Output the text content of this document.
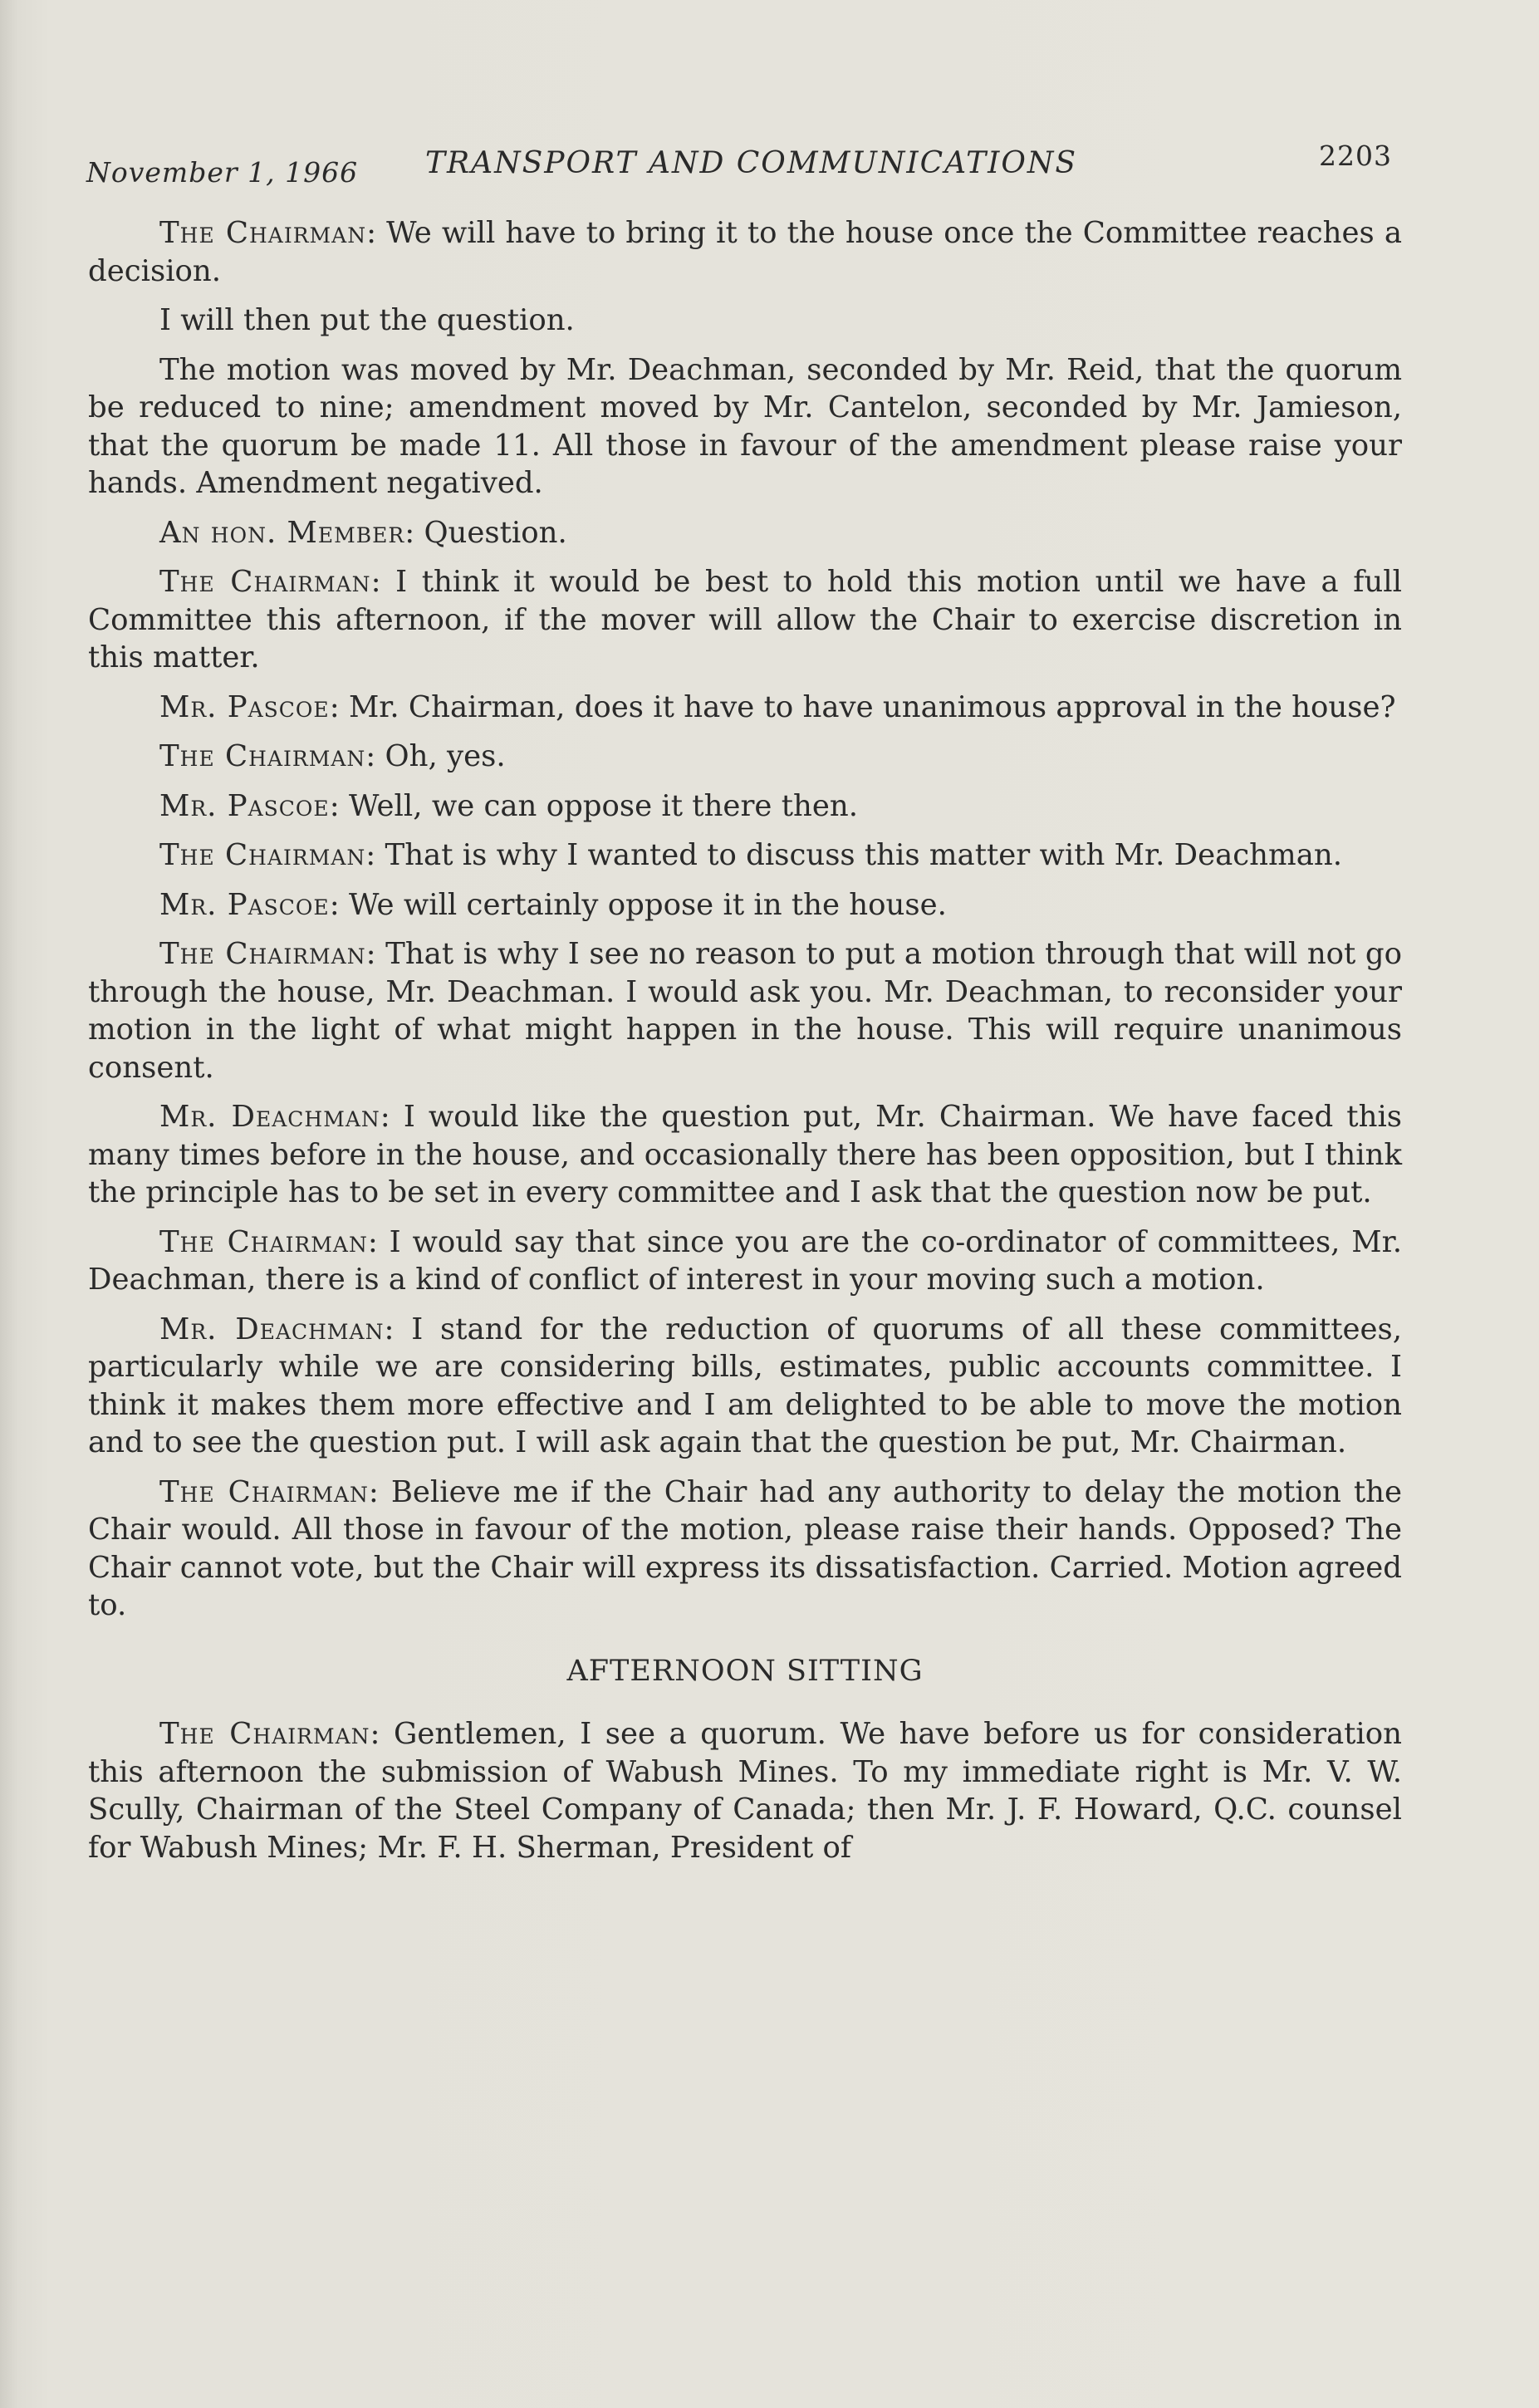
November 1, 1966 TRANSPORT AND COMMUNICATIONS	2203

The Chairman: We will have to bring it to the house once the Committee reaches a decision.

I will then put the question.

The motion was moved by Mr. Deachman, seconded by Mr. Reid, that the quorum be reduced to nine; amendment moved by Mr. Cantelon, seconded by Mr. Jamieson, that the quorum be made 11. All those in favour of the amendment please raise your hands. Amendment negatived.

An hon. Member: Question.

The Chairman: I think it would be best to hold this motion until we have a full Committee this afternoon, if the mover will allow the Chair to exercise discretion in this matter.

Mr. Pascoe: Mr. Chairman, does it have to have unanimous approval in the house?

The Chairman: Oh, yes.

Mr. Pascoe: Well, we can oppose it there then.

The Chairman: That is why I wanted to discuss this matter with Mr. Deachman.

Mr. Pascoe: We will certainly oppose it in the house.

The Chairman: That is why I see no reason to put a motion through that will not go through the house, Mr. Deachman. I would ask you. Mr. Deachman, to reconsider your motion in the light of what might happen in the house. This will require unanimous consent.

Mr. Deachman: I would like the question put, Mr. Chairman. We have faced this many times before in the house, and occasionally there has been opposition, but I think the principle has to be set in every committee and I ask that the question now be put.

The Chairman: I would say that since you are the co-ordinator of committees, Mr. Deachman, there is a kind of conflict of interest in your moving such a motion.

Mr. Deachman: I stand for the reduction of quorums of all these committees, particularly while we are considering bills, estimates, public accounts committee. I think it makes them more effective and I am delighted to be able to move the motion and to see the question put. I will ask again that the question be put, Mr. Chairman.

The Chairman: Believe me if the Chair had any authority to delay the motion the Chair would. All those in favour of the motion, please raise their hands. Opposed? The Chair cannot vote, but the Chair will express its dissatisfaction. Carried. Motion agreed to.

AFTERNOON SITTING

The Chairman: Gentlemen, I see a quorum. We have before us for consideration this afternoon the submission of Wabush Mines. To my immediate right is Mr. V. W. Scully, Chairman of the Steel Company of Canada; then Mr. J. F. Howard, Q.C. counsel for Wabush Mines; Mr. F. H. Sherman, President of
